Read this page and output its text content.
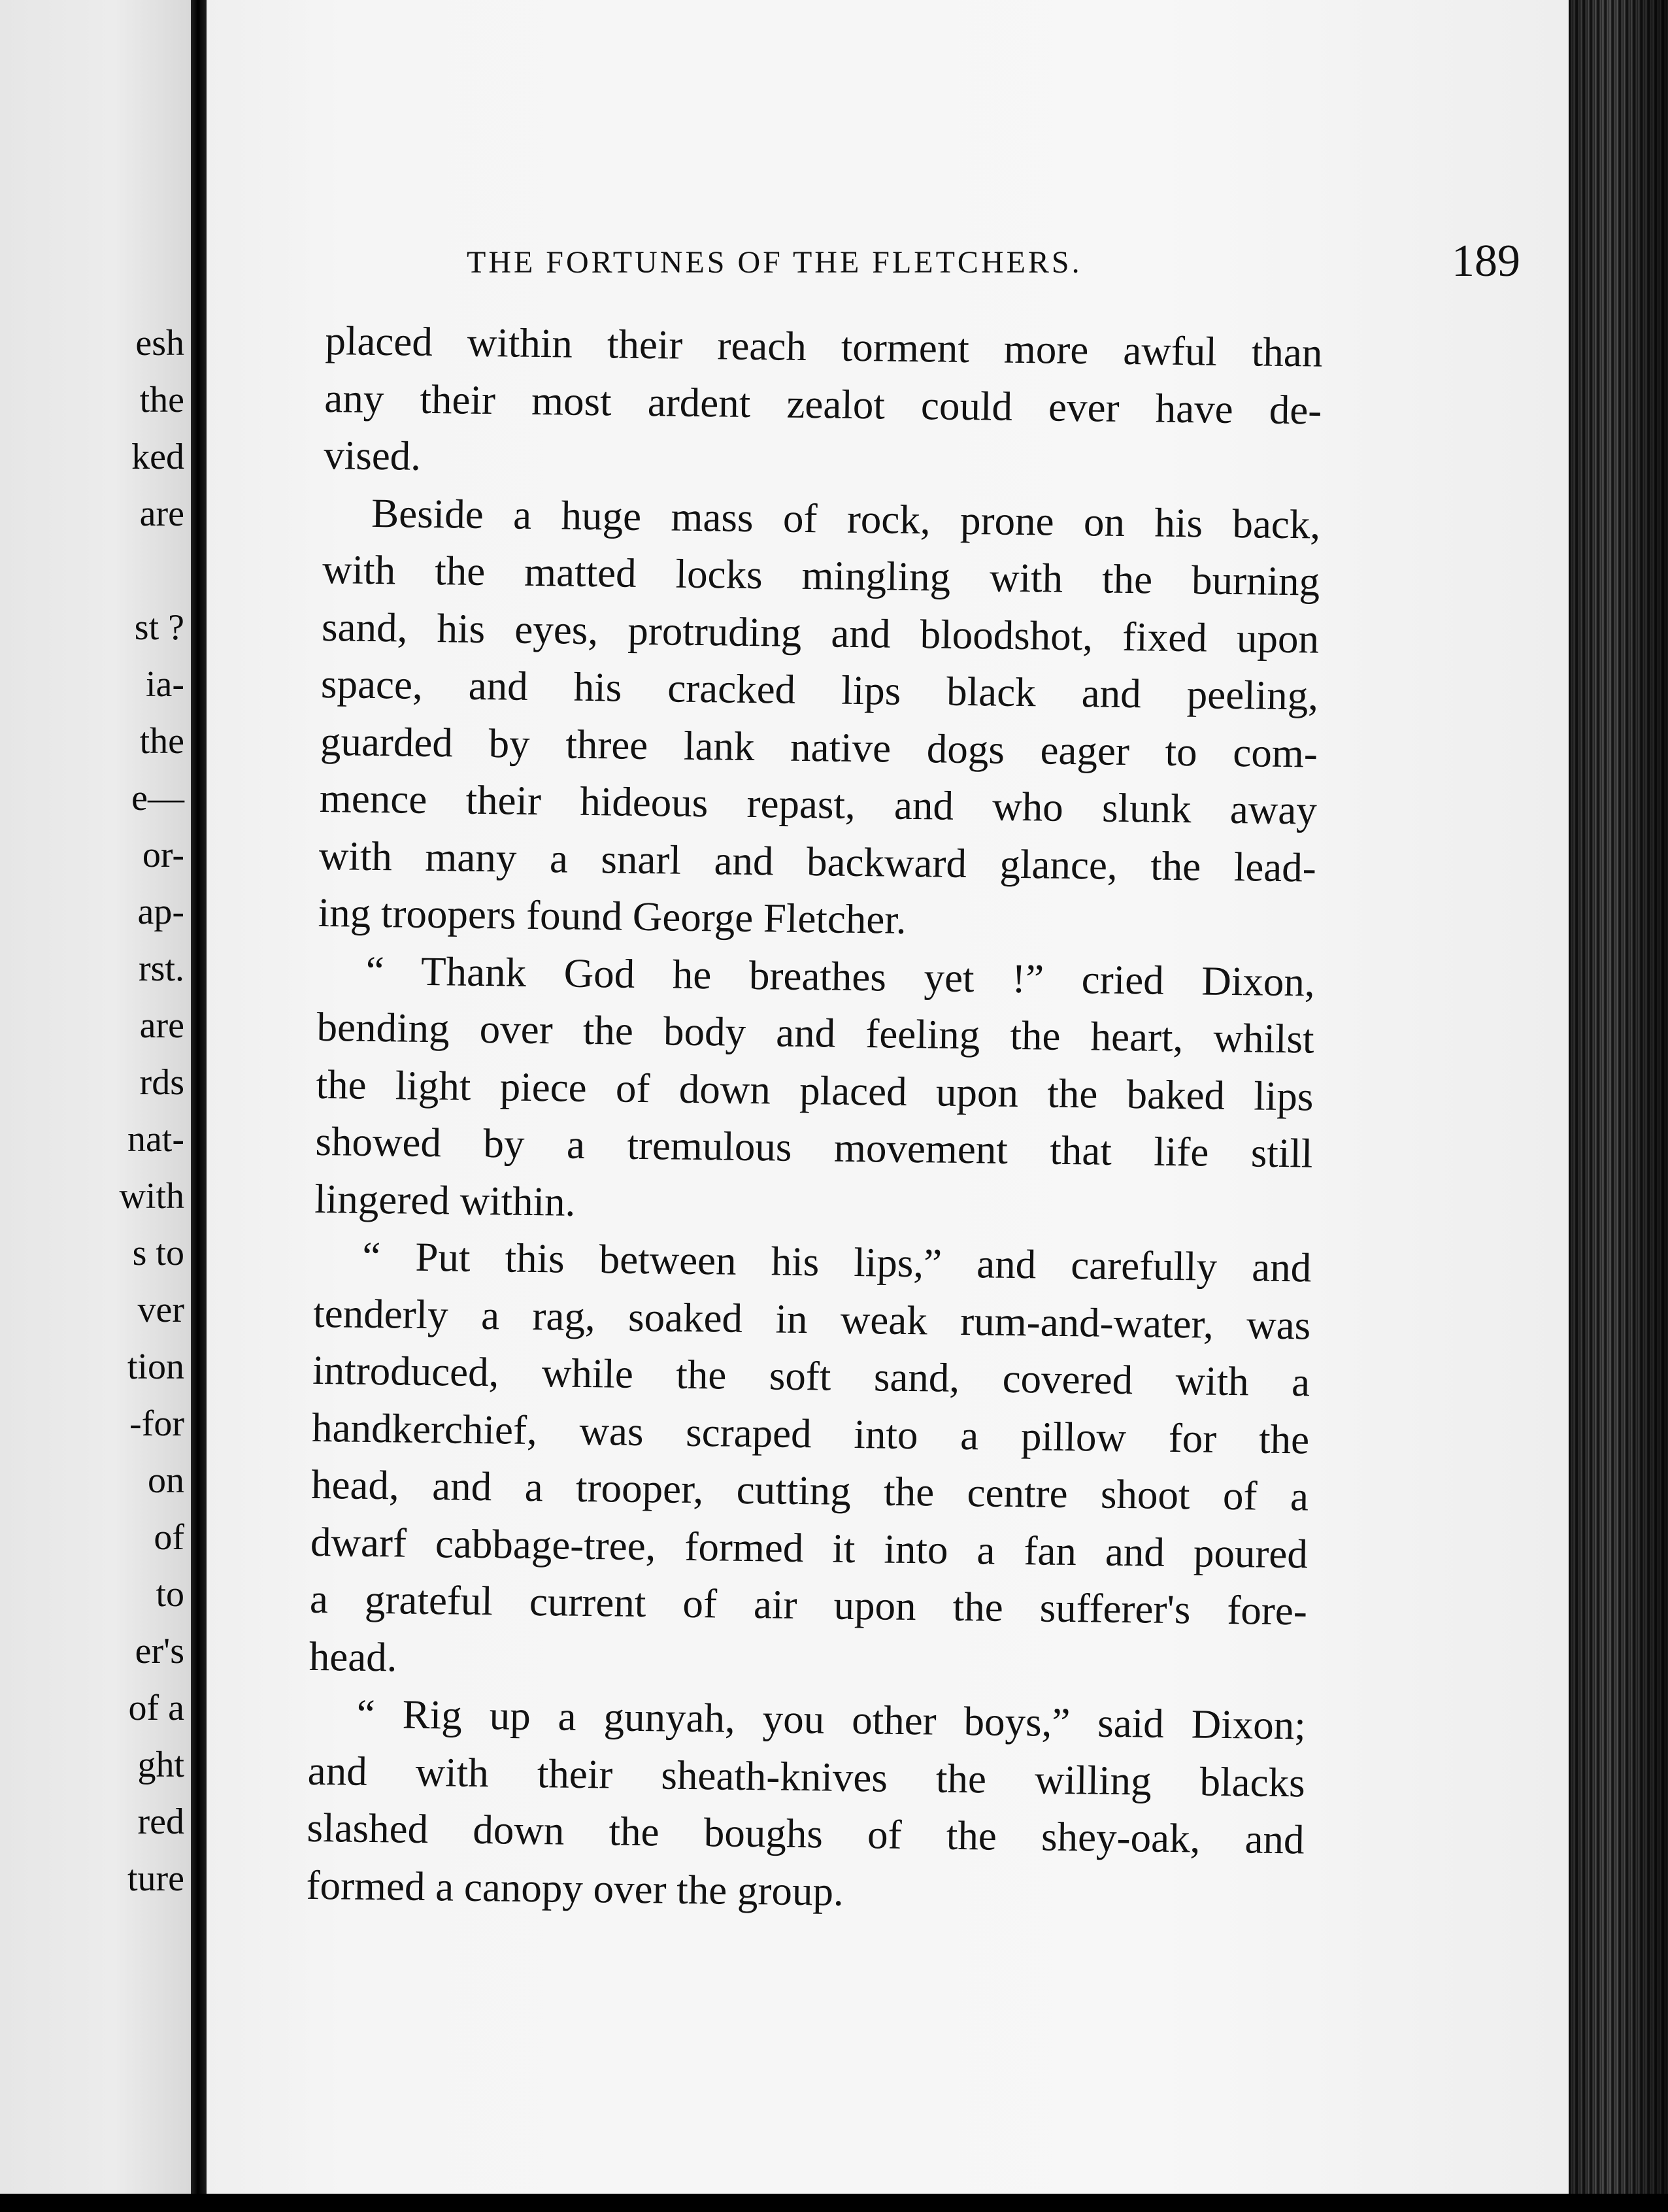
esh
the
ked
are
st ?
ia-
the
e—
or-
ap-
rst.
are
rds
nat-
with
s to
ver
tion
-for
on
of
to
er's
of a
ght
red
ture
THE FORTUNES OF THE FLETCHERS.	189

placed within their reach torment more awful than
any their most ardent zealot could ever have de-
vised.

Beside a huge mass of rock, prone on his back,
with the matted locks mingling with the burning
sand, his eyes, protruding and bloodshot, fixed upon
space, and his cracked lips black and peeling,
guarded by three lank native dogs eager to com-
mence their hideous repast, and who slunk away
with many a snarl and backward glance, the lead-
ing troopers found George Fletcher.

“ Thank God he breathes yet !” cried Dixon,
bending over the body and feeling the heart, whilst
the light piece of down placed upon the baked lips
showed by a tremulous movement that life still
lingered within.

“ Put this between his lips,” and carefully and
tenderly a rag, soaked in weak rum-and-water, was
introduced, while the soft sand, covered with a
handkerchief, was scraped into a pillow for the
head, and a trooper, cutting the centre shoot of a
dwarf cabbage-tree, formed it into a fan and poured
a grateful current of air upon the sufferer's fore-
head.

“ Rig up a gunyah, you other boys,” said Dixon;
and with their sheath-knives the willing blacks
slashed down the boughs of the shey-oak, and
formed a canopy over the group.
